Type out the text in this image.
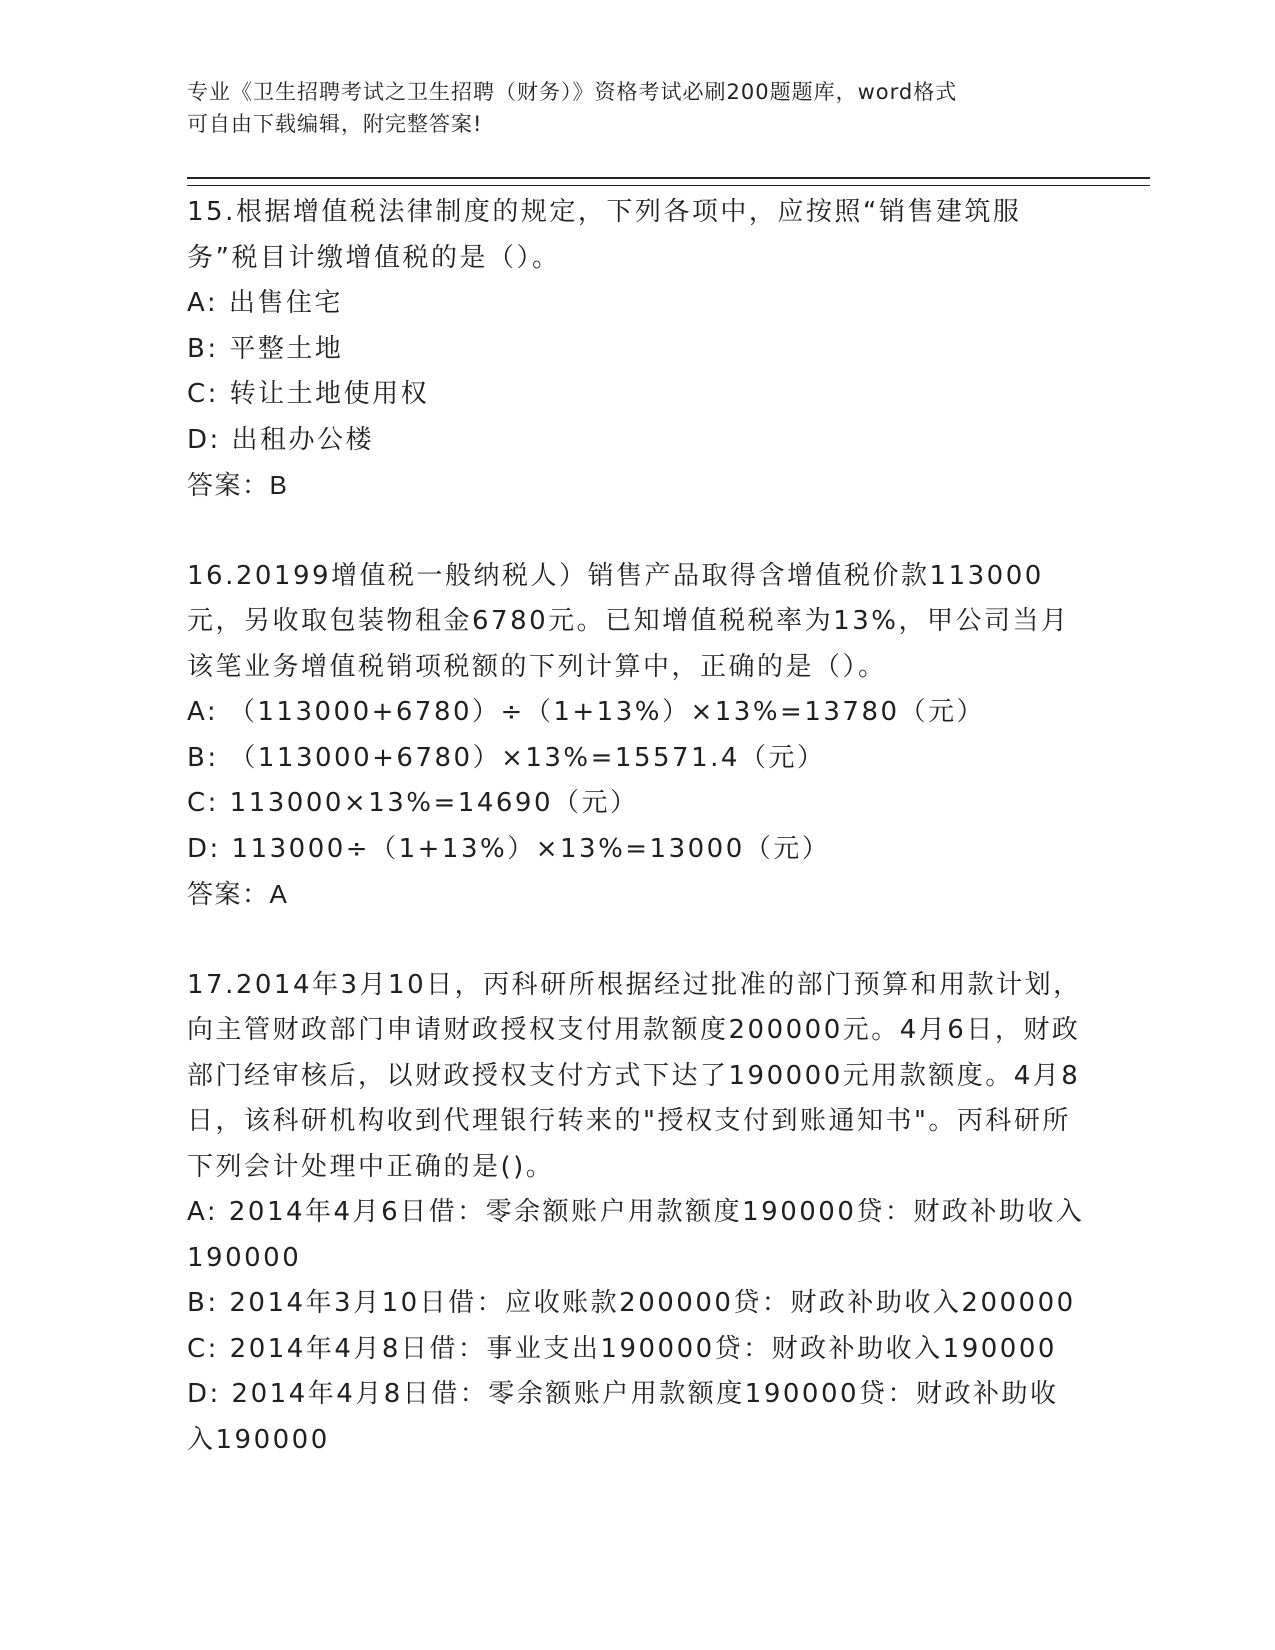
专业《卫生招聘考试之卫生招聘（财务）》资格考试必刷200题题库，word格式
可自由下载编辑，附完整答案!

15.根据增值税法律制度的规定，下列各项中，应按照“销售建筑服务”税目计缴增值税的是（）。

A: 出售住宅

B: 平整土地

C: 转让土地使用权

D: 出租办公楼

答案：B

16.20199增值税一般纳税人）销售产品取得含增值税价款113000元，另收取包装物租金6780元。已知增值税税率为13%，甲公司当月该笔业务增值税销项税额的下列计算中，正确的是（）。

A: （113000+6780）÷（1+13%）×13%=13780（元）

B: （113000+6780）×13%=15571.4（元）

C: 113000×13%=14690（元）

D: 113000÷（1+13%）×13%=13000（元）

答案：A

17.2014年3月10日，丙科研所根据经过批准的部门预算和用款计划，向主管财政部门申请财政授权支付用款额度200000元。4月6日，财政部门经审核后，以财政授权支付方式下达了190000元用款额度。4月8日，该科研机构收到代理银行转来的"授权支付到账通知书"。丙科研所下列会计处理中正确的是()。

A: 2014年4月6日借：零余额账户用款额度190000贷：财政补助收入190000

B: 2014年3月10日借：应收账款200000贷：财政补助收入200000

C: 2014年4月8日借：事业支出190000贷：财政补助收入190000

D: 2014年4月8日借：零余额账户用款额度190000贷：财政补助收入190000
